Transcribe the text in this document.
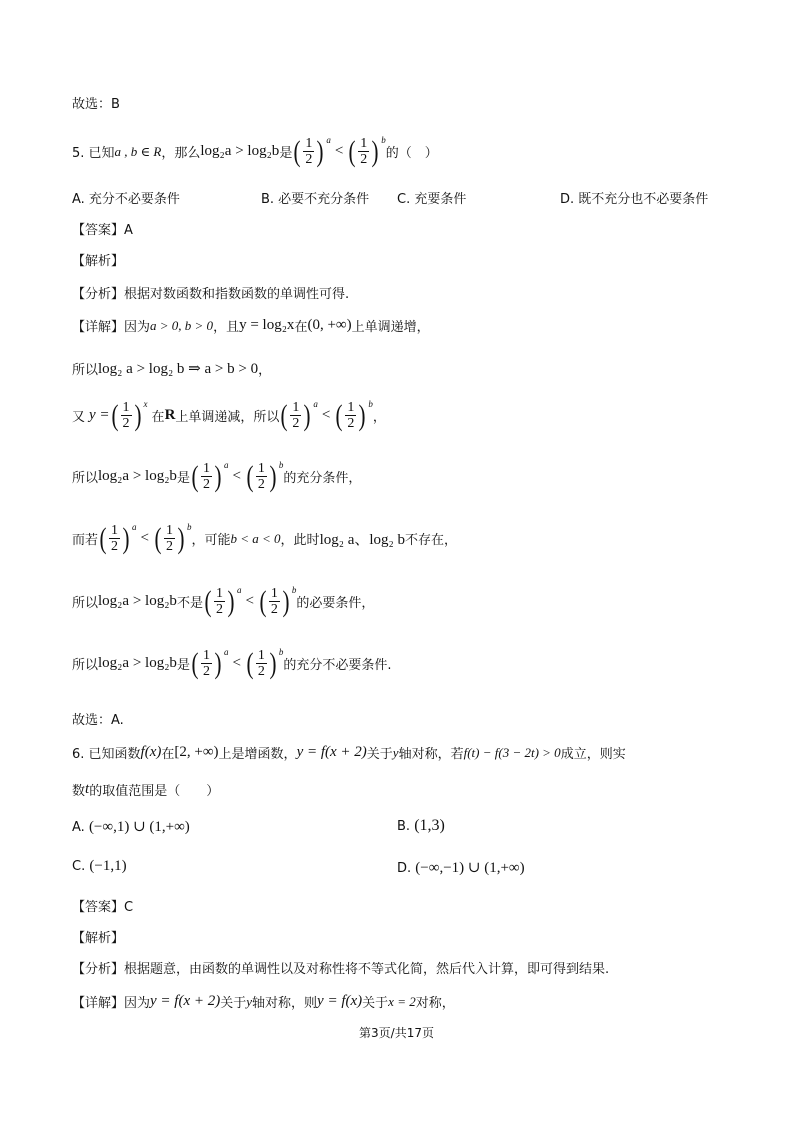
故选：B
5. 已知 a , b ∈ R ，那么 log₂a > log₂b 是 ( $\frac{1}{2}$ ) a
< ( $\frac{1}{2}$ ) b
的（　）
A. 充分不必要条件	B. 必要不充分条件 C. 充要条件	D. 既不充分也不必要条件
【答案】A
【解析】
【分析】根据对数函数和指数函数的单调性可得.
【详解】因为 a > 0, b > 0 ，且 y = log₂x 在 (0, +∞) 上单调递增，
所以 log₂ a > log₂ b ⇒ a > b > 0 ，
又 y = ( $\frac{1}{2}$ ) x
在 R 上单调递减，所以 ( $\frac{1}{2}$ ) a
< ( $\frac{1}{2}$ ) b
，
所以 log₂a > log₂b 是 ( $\frac{1}{2}$ ) a
< ( $\frac{1}{2}$ ) b
的充分条件，
而若 ( $\frac{1}{2}$ ) a
< ( $\frac{1}{2}$ ) b
，可能 b < a < 0 ，此时 log₂ a、log₂ b 不存在，
所以 log₂a > log₂b 不是 ( $\frac{1}{2}$ ) a
< ( $\frac{1}{2}$ ) b
的必要条件，
所以 log₂a > log₂b 是 ( $\frac{1}{2}$ ) a
< ( $\frac{1}{2}$ ) b
的充分不必要条件.
故选：A.
6. 已知函数 f(x) 在 [2, +∞) 上是增函数， y = f(x + 2) 关于 y 轴对称，若 f(t) − f(3 − 2t) > 0 成立，则实
数 t 的取值范围是（　　）
A. (−∞,1) ∪ (1,+∞)	B. (1,3)
C. (−1,1)	D. (−∞,−1) ∪ (1,+∞)
【答案】C
【解析】
【分析】根据题意，由函数的单调性以及对称性将不等式化简，然后代入计算，即可得到结果.
【详解】因为 y = f(x + 2) 关于 y 轴对称，则 y = f(x) 关于 x = 2 对称，
第3页/共17页
